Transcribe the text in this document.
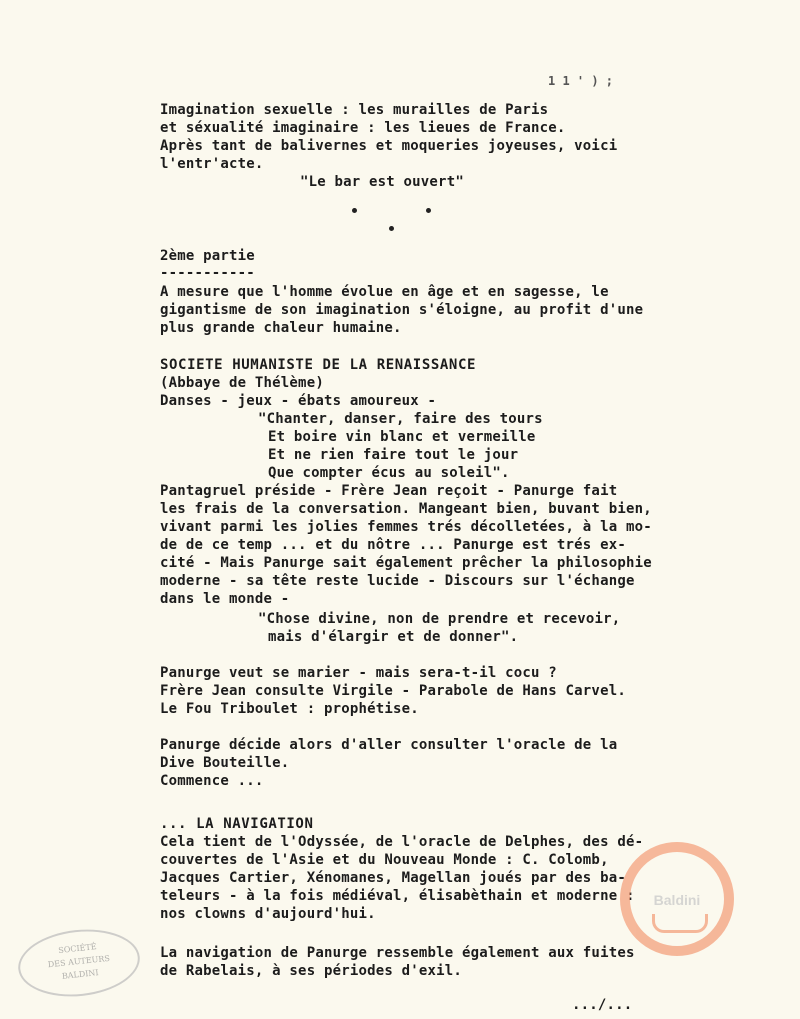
1 1 ' ) ;
Imagination sexuelle : les murailles de Paris
et séxualité imaginaire : les lieues de France.
Après tant de balivernes et moqueries joyeuses, voici
l'entr'acte.
"Le bar est ouvert"
2ème partie
-----------
A mesure que l'homme évolue en âge et en sagesse, le
gigantisme de son imagination s'éloigne, au profit d'une
plus grande chaleur humaine.
SOCIETE HUMANISTE DE LA RENAISSANCE
(Abbaye de Thélème)
Danses - jeux - ébats amoureux -
"Chanter, danser, faire des tours
Et boire vin blanc et vermeille
Et ne rien faire tout le jour
Que compter écus au soleil".
Pantagruel préside - Frère Jean reçoit - Panurge fait
les frais de la conversation. Mangeant bien, buvant bien,
vivant parmi les jolies femmes trés décolletées, à la mo-
de de ce temp ... et du nôtre ... Panurge est trés ex-
cité - Mais Panurge sait également prêcher la philosophie
moderne - sa tête reste lucide - Discours sur l'échange
dans le monde -
"Chose divine, non de prendre et recevoir,
mais d'élargir et de donner".
Panurge veut se marier - mais sera-t-il cocu ?
Frère Jean consulte Virgile - Parabole de Hans Carvel.
Le Fou Triboulet : prophétise.
Panurge décide alors d'aller consulter l'oracle de la
Dive Bouteille.
Commence ...
... LA NAVIGATION
Cela tient de l'Odyssée, de l'oracle de Delphes, des dé-
couvertes de l'Asie et du Nouveau Monde : C. Colomb,
Jacques Cartier, Xénomanes, Magellan joués par des ba-
teleurs - à la fois médiéval, élisabèthain et moderne :
nos clowns d'aujourd'hui.
La navigation de Panurge ressemble également aux fuites
de Rabelais, à ses périodes d'exil.
.../...
SOCIÉTÉ
DES AUTEURS
BALDINI
Baldini
